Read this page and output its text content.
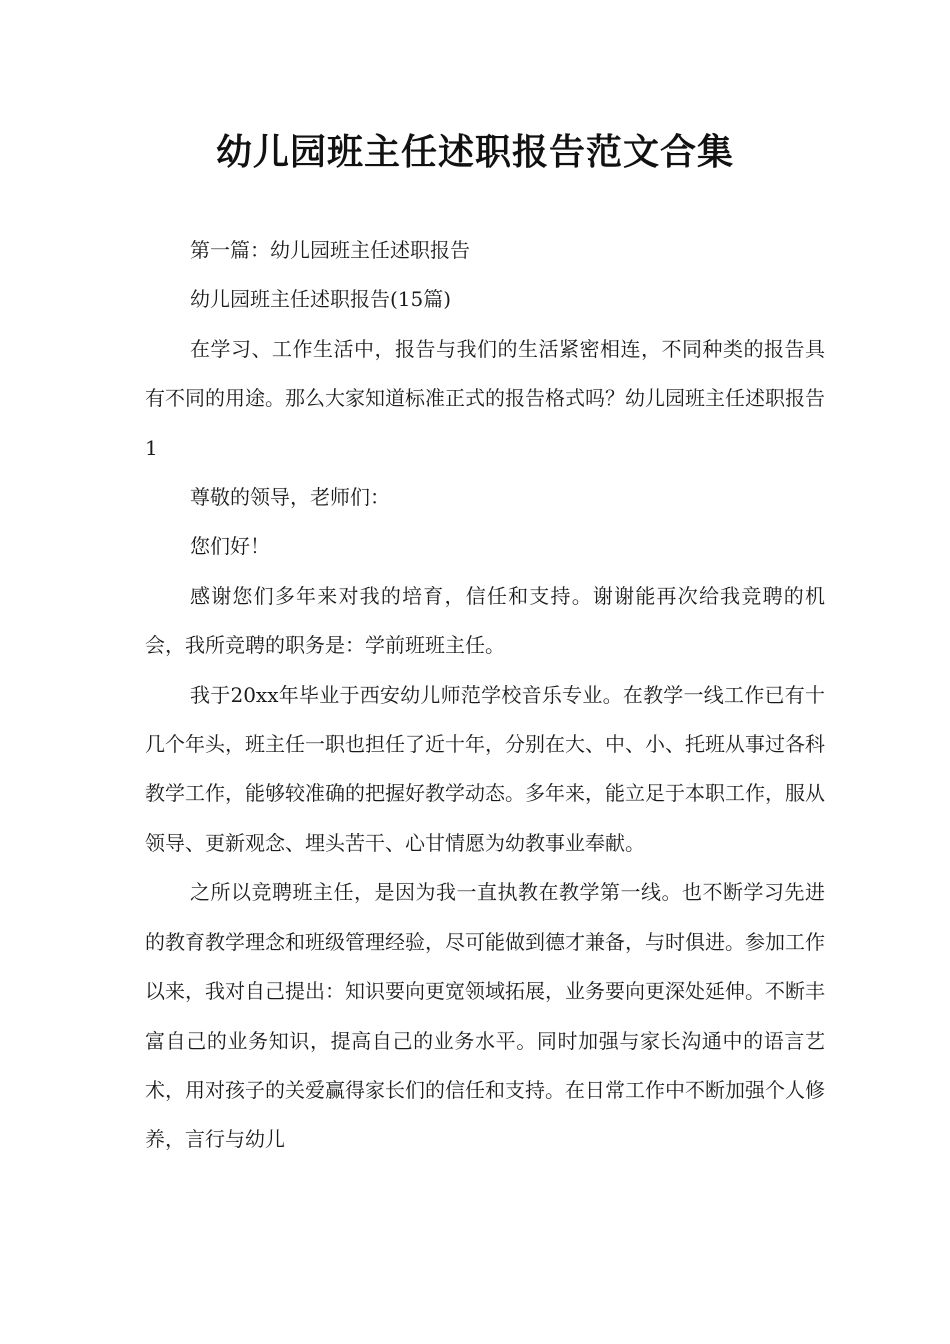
幼儿园班主任述职报告范文合集

第一篇：幼儿园班主任述职报告

幼儿园班主任述职报告(15篇)

在学习、工作生活中，报告与我们的生活紧密相连，不同种类的报告具有不同的用途。那么大家知道标准正式的报告格式吗？幼儿园班主任述职报告1

尊敬的领导，老师们：

您们好！

感谢您们多年来对我的培育，信任和支持。谢谢能再次给我竞聘的机会，我所竞聘的职务是：学前班班主任。

我于20xx年毕业于西安幼儿师范学校音乐专业。在教学一线工作已有十几个年头，班主任一职也担任了近十年，分别在大、中、小、托班从事过各科教学工作，能够较准确的把握好教学动态。多年来，能立足于本职工作，服从领导、更新观念、埋头苦干、心甘情愿为幼教事业奉献。

之所以竞聘班主任，是因为我一直执教在教学第一线。也不断学习先进的教育教学理念和班级管理经验，尽可能做到德才兼备，与时俱进。参加工作以来，我对自己提出：知识要向更宽领域拓展，业务要向更深处延伸。不断丰富自己的业务知识，提高自己的业务水平。同时加强与家长沟通中的语言艺术，用对孩子的关爱赢得家长们的信任和支持。在日常工作中不断加强个人修养，言行与幼儿
